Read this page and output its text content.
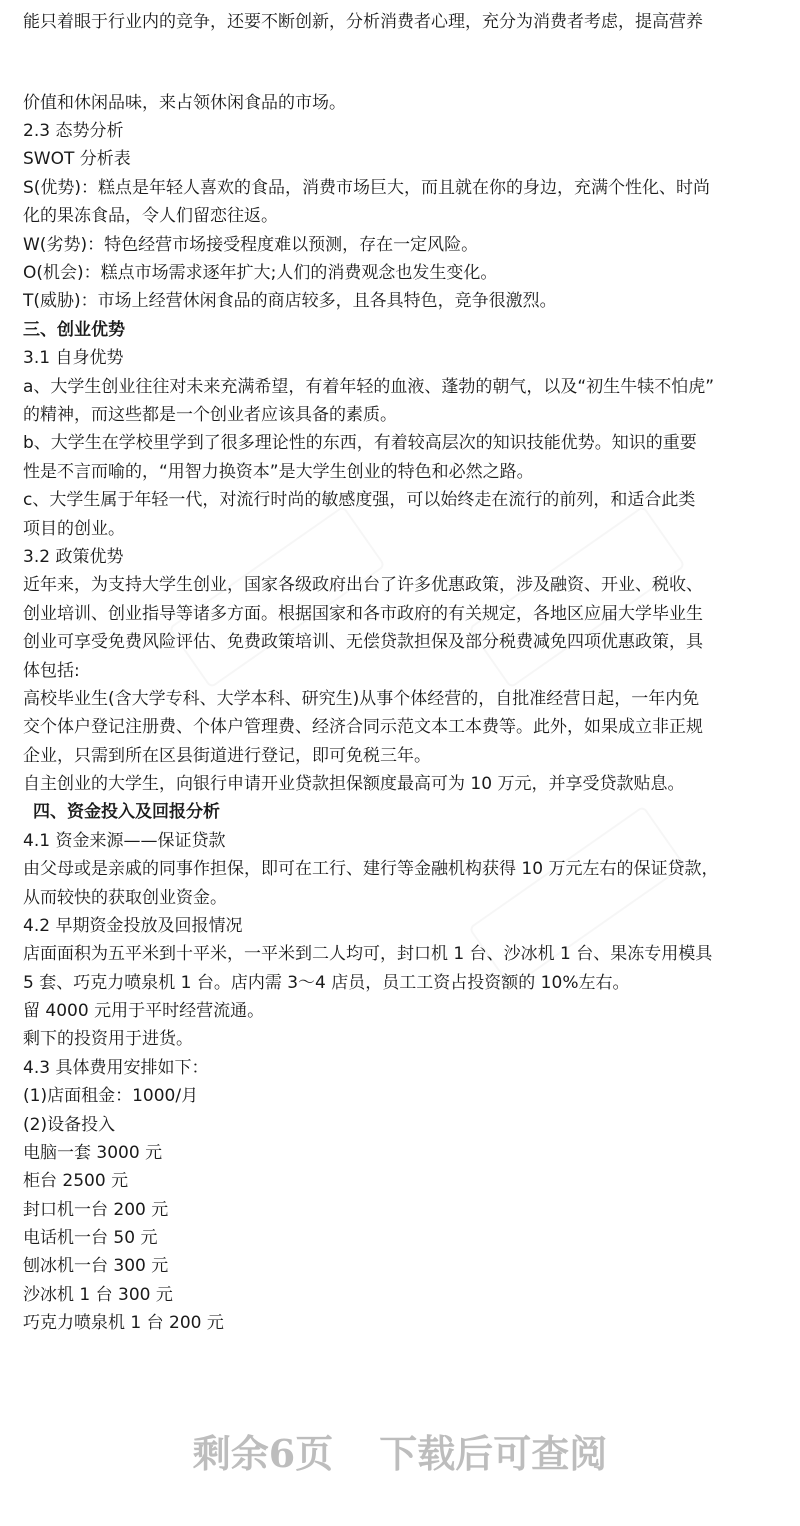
能只着眼于行业内的竞争，还要不断创新，分析消费者心理，充分为消费者考虑，提高营养
价值和休闲品味，来占领休闲食品的市场。
2.3 态势分析
SWOT 分析表
S(优势)：糕点是年轻人喜欢的食品，消费市场巨大，而且就在你的身边，充满个性化、时尚
化的果冻食品，令人们留恋往返。
W(劣势)：特色经营市场接受程度难以预测，存在一定风险。
O(机会)：糕点市场需求逐年扩大;人们的消费观念也发生变化。
T(威胁)：市场上经营休闲食品的商店较多，且各具特色，竞争很激烈。
三、创业优势
3.1 自身优势
a、大学生创业往往对未来充满希望，有着年轻的血液、蓬勃的朝气，以及“初生牛犊不怕虎”
的精神，而这些都是一个创业者应该具备的素质。
b、大学生在学校里学到了很多理论性的东西，有着较高层次的知识技能优势。知识的重要
性是不言而喻的，“用智力换资本”是大学生创业的特色和必然之路。
c、大学生属于年轻一代，对流行时尚的敏感度强，可以始终走在流行的前列，和适合此类
项目的创业。
3.2 政策优势
近年来，为支持大学生创业，国家各级政府出台了许多优惠政策，涉及融资、开业、税收、
创业培训、创业指导等诸多方面。根据国家和各市政府的有关规定，各地区应届大学毕业生
创业可享受免费风险评估、免费政策培训、无偿贷款担保及部分税费减免四项优惠政策，具
体包括:
高校毕业生(含大学专科、大学本科、研究生)从事个体经营的，自批准经营日起，一年内免
交个体户登记注册费、个体户管理费、经济合同示范文本工本费等。此外，如果成立非正规
企业，只需到所在区县街道进行登记，即可免税三年。
自主创业的大学生，向银行申请开业贷款担保额度最高可为 10 万元，并享受贷款贴息。
四、资金投入及回报分析
4.1 资金来源——保证贷款
由父母或是亲戚的同事作担保，即可在工行、建行等金融机构获得 10 万元左右的保证贷款，
从而较快的获取创业资金。
4.2 早期资金投放及回报情况
店面面积为五平米到十平米，一平米到二人均可，封口机 1 台、沙冰机 1 台、果冻专用模具
5 套、巧克力喷泉机 1 台。店内需 3～4 店员，员工工资占投资额的 10%左右。
留 4000 元用于平时经营流通。
剩下的投资用于进货。
4.3 具体费用安排如下：
(1)店面租金：1000/月
(2)设备投入
电脑一套 3000 元
柜台 2500 元
封口机一台 200 元
电话机一台 50 元
刨冰机一台 300 元
沙冰机 1 台 300 元
巧克力喷泉机 1 台 200 元
剩余6页 下载后可查阅
